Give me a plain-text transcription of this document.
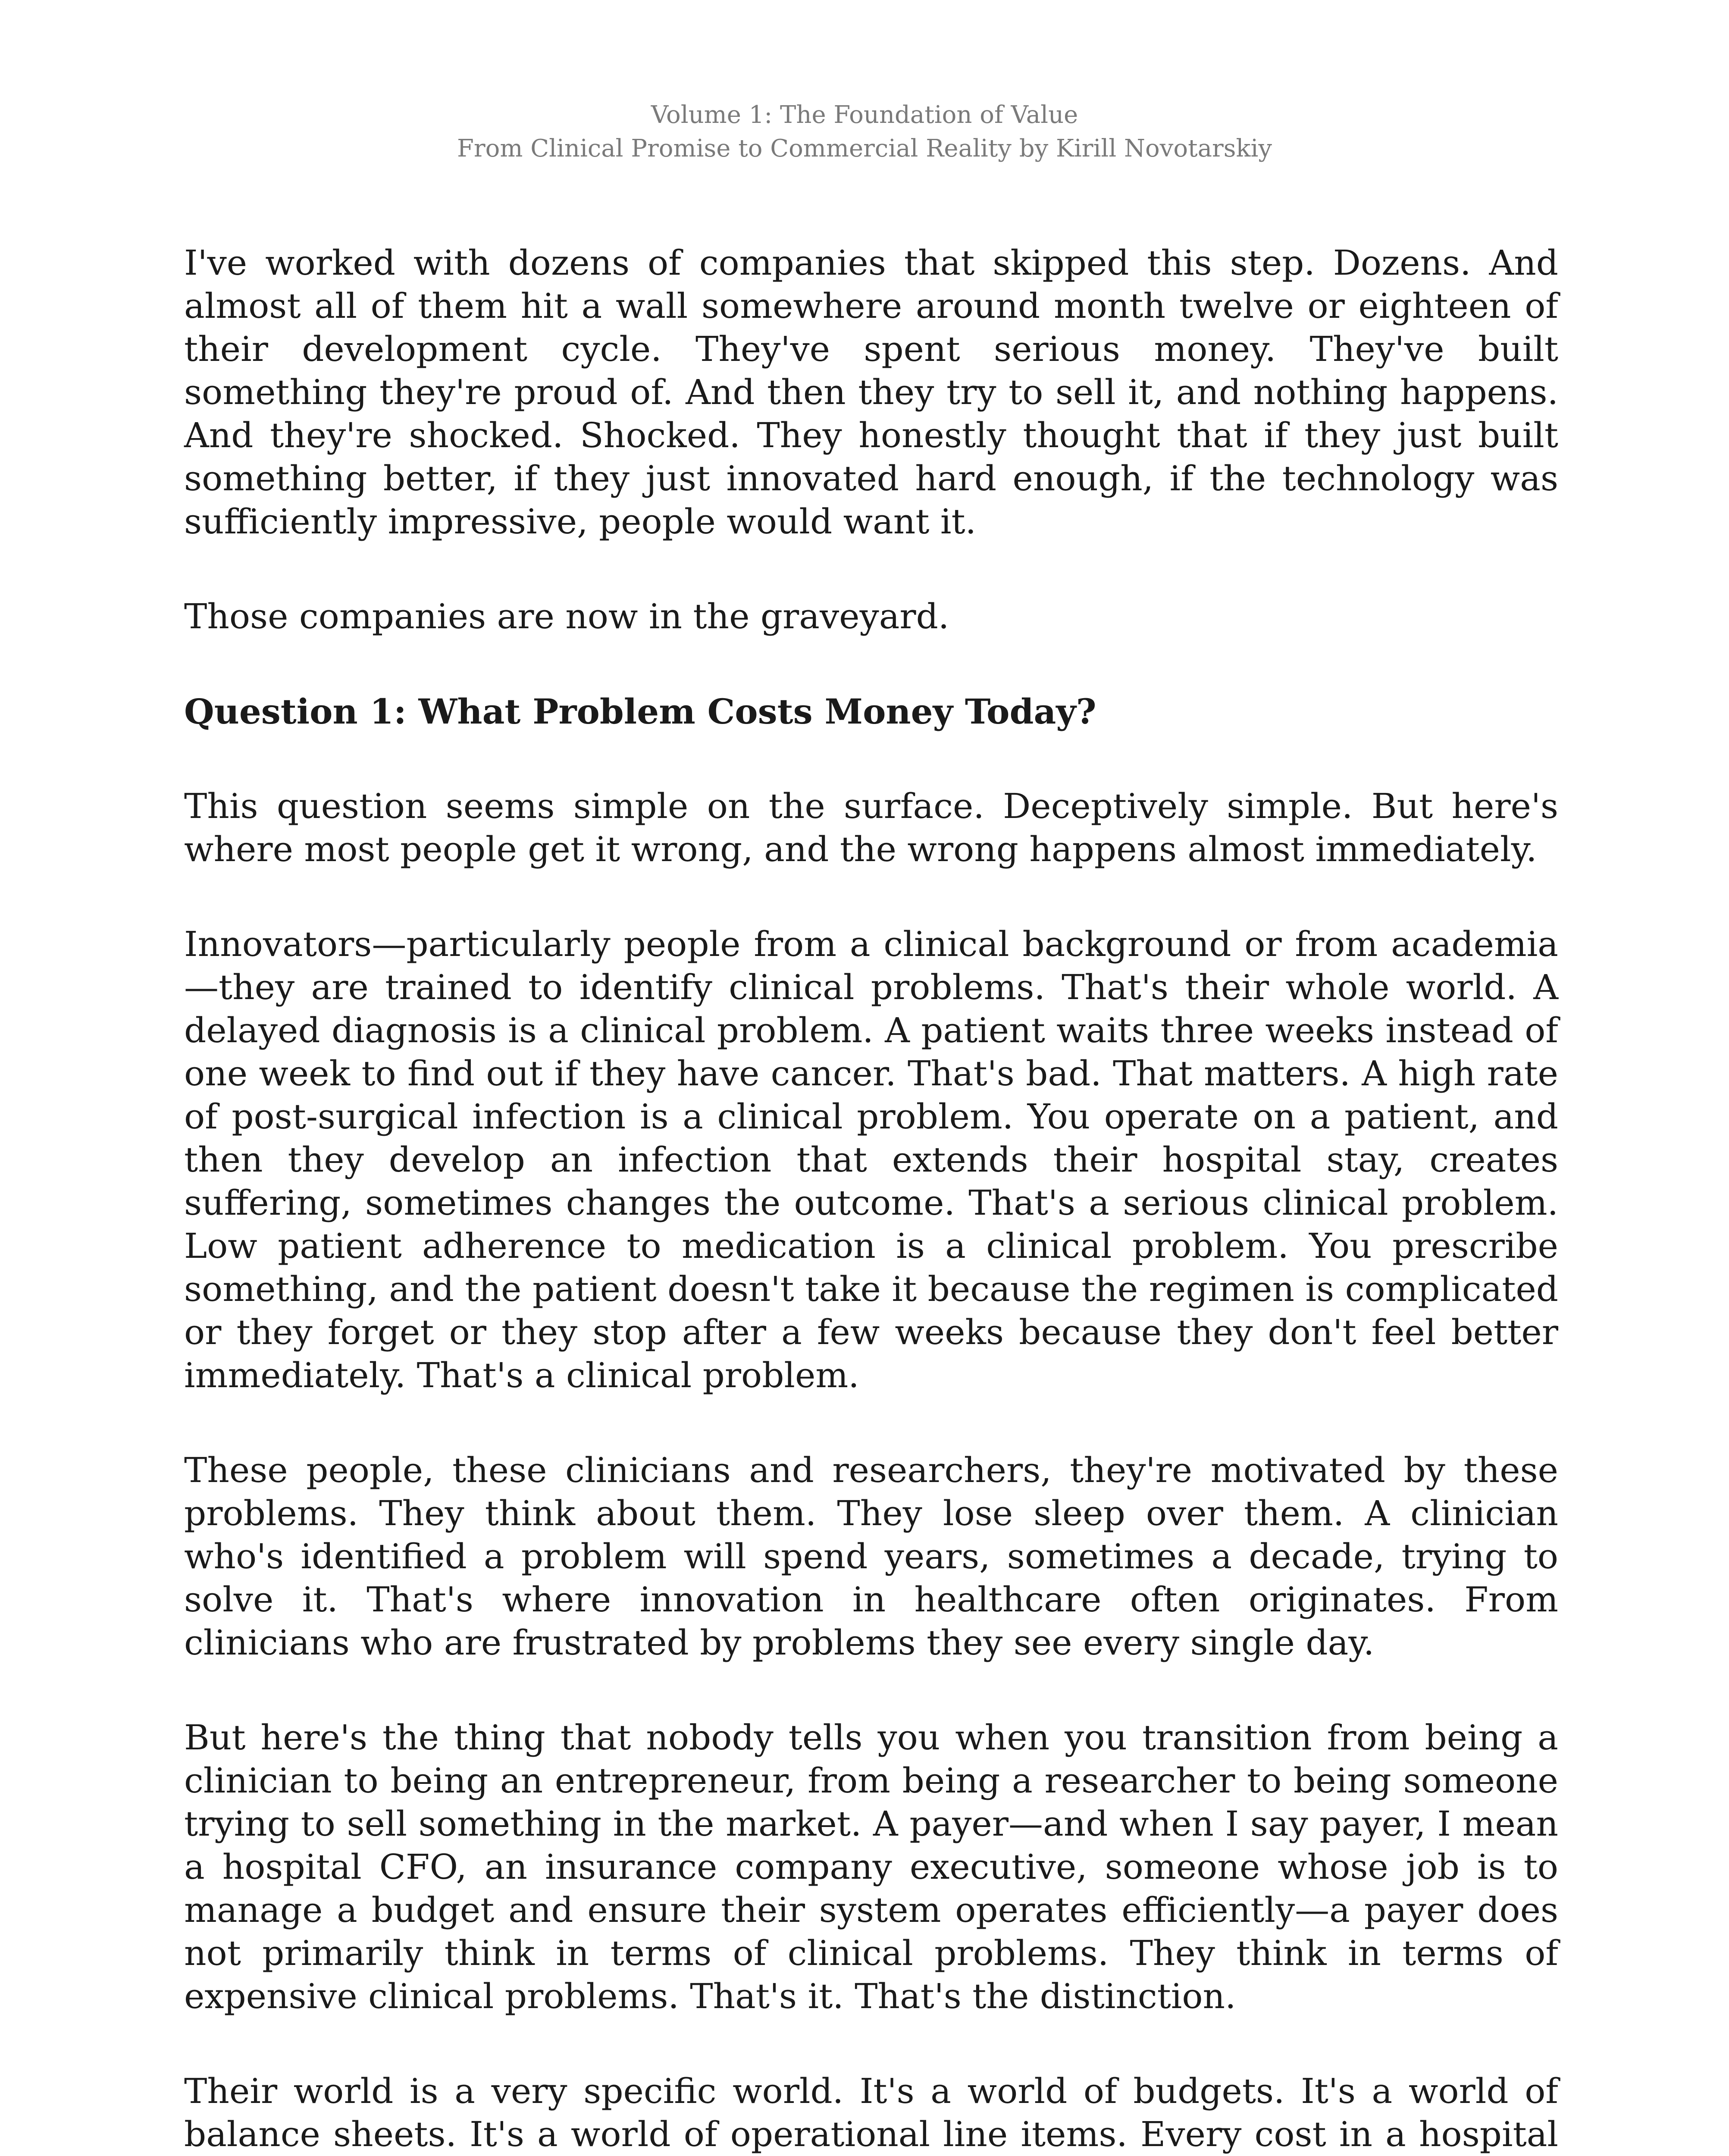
Volume 1: The Foundation of Value
From Clinical Promise to Commercial Reality by Kirill Novotarskiy

I've worked with dozens of companies that skipped this step. Dozens. And almost all of them hit a wall somewhere around month twelve or eighteen of their development cycle. They've spent serious money. They've built something they're proud of. And then they try to sell it, and nothing happens. And they're shocked. Shocked. They honestly thought that if they just built something better, if they just innovated hard enough, if the technology was sufficiently impressive, people would want it.

Those companies are now in the graveyard.

Question 1: What Problem Costs Money Today?

This question seems simple on the surface. Deceptively simple. But here's where most people get it wrong, and the wrong happens almost immediately.

Innovators—particularly people from a clinical background or from academia—they are trained to identify clinical problems. That's their whole world. A delayed diagnosis is a clinical problem. A patient waits three weeks instead of one week to find out if they have cancer. That's bad. That matters. A high rate of post-surgical infection is a clinical problem. You operate on a patient, and then they develop an infection that extends their hospital stay, creates suffering, sometimes changes the outcome. That's a serious clinical problem. Low patient adherence to medication is a clinical problem. You prescribe something, and the patient doesn't take it because the regimen is complicated or they forget or they stop after a few weeks because they don't feel better immediately. That's a clinical problem.

These people, these clinicians and researchers, they're motivated by these problems. They think about them. They lose sleep over them. A clinician who's identified a problem will spend years, sometimes a decade, trying to solve it. That's where innovation in healthcare often originates. From clinicians who are frustrated by problems they see every single day.

But here's the thing that nobody tells you when you transition from being a clinician to being an entrepreneur, from being a researcher to being someone trying to sell something in the market. A payer—and when I say payer, I mean a hospital CFO, an insurance company executive, someone whose job is to manage a budget and ensure their system operates efficiently—a payer does not primarily think in terms of clinical problems. They think in terms of expensive clinical problems. That's it. That's the distinction.

Their world is a very specific world. It's a world of budgets. It's a world of balance sheets. It's a world of operational line items. Every cost in a hospital
